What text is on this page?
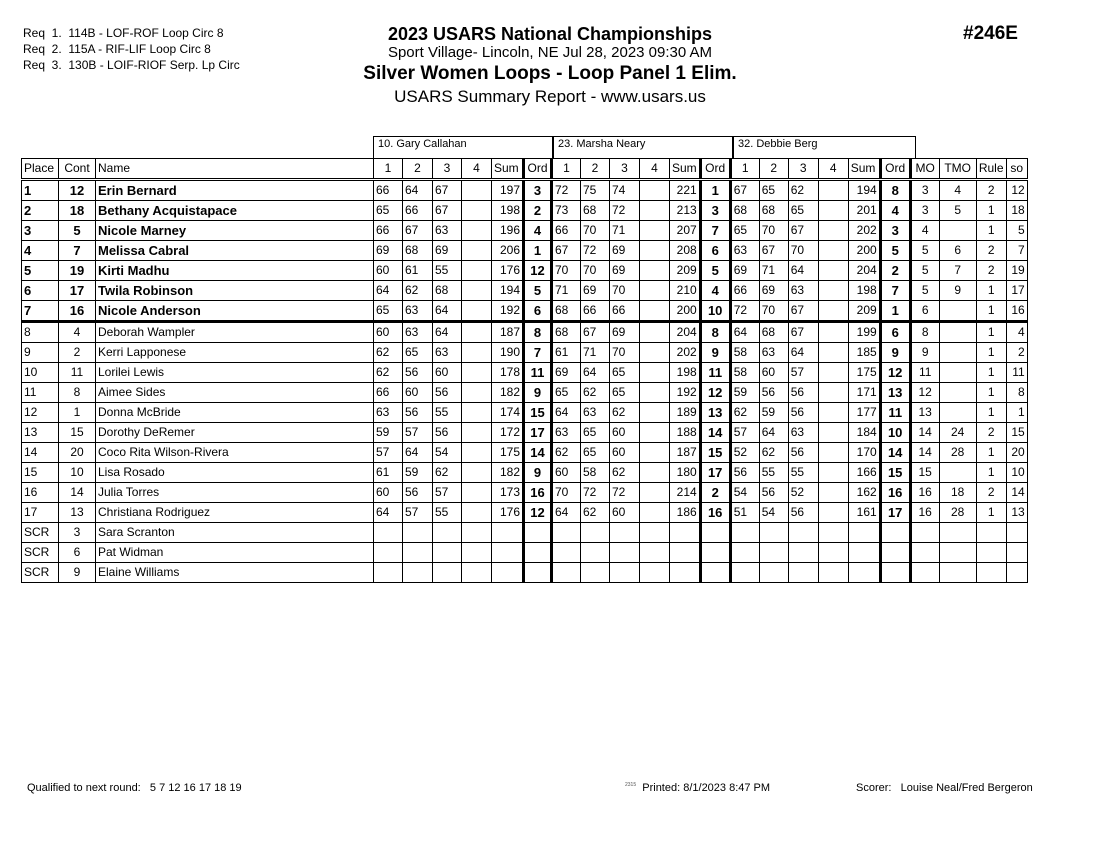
Req  1.  114B - LOF-ROF Loop Circ 8
Req  2.  115A - RIF-LIF Loop Circ 8
Req  3.  130B - LOIF-RIOF Serp. Lp Circ
2023 USARS National Championships
Sport Village- Lincoln, NE Jul 28, 2023 09:30 AM
Silver Women Loops - Loop Panel 1 Elim.
USARS Summary Report - www.usars.us
#246E
10. Gary Callahan	23. Marsha Neary	32. Debbie Berg
Place	Cont	Name	1	2	3	4	Sum	Ord	1	2	3	4	Sum	Ord	1	2	3	4	Sum	Ord	MO	TMO	Rule	so
1	12	Erin Bernard	66	64	67		197	3	72	75	74		221	1	67	65	62		194	8	3	4	2	12
2	18	Bethany Acquistapace	65	66	67		198	2	73	68	72		213	3	68	68	65		201	4	3	5	1	18
3	5	Nicole Marney	66	67	63		196	4	66	70	71		207	7	65	70	67		202	3	4		1	5
4	7	Melissa Cabral	69	68	69		206	1	67	72	69		208	6	63	67	70		200	5	5	6	2	7
5	19	Kirti Madhu	60	61	55		176	12	70	70	69		209	5	69	71	64		204	2	5	7	2	19
6	17	Twila Robinson	64	62	68		194	5	71	69	70		210	4	66	69	63		198	7	5	9	1	17
7	16	Nicole Anderson	65	63	64		192	6	68	66	66		200	10	72	70	67		209	1	6		1	16
8	4	Deborah Wampler	60	63	64		187	8	68	67	69		204	8	64	68	67		199	6	8		1	4
9	2	Kerri Lapponese	62	65	63		190	7	61	71	70		202	9	58	63	64		185	9	9		1	2
10	11	Lorilei Lewis	62	56	60		178	11	69	64	65		198	11	58	60	57		175	12	11		1	11
11	8	Aimee Sides	66	60	56		182	9	65	62	65		192	12	59	56	56		171	13	12		1	8
12	1	Donna McBride	63	56	55		174	15	64	63	62		189	13	62	59	56		177	11	13		1	1
13	15	Dorothy DeRemer	59	57	56		172	17	63	65	60		188	14	57	64	63		184	10	14	24	2	15
14	20	Coco Rita Wilson-Rivera	57	64	54		175	14	62	65	60		187	15	52	62	56		170	14	14	28	1	20
15	10	Lisa Rosado	61	59	62		182	9	60	58	62		180	17	56	55	55		166	15	15		1	10
16	14	Julia Torres	60	56	57		173	16	70	72	72		214	2	54	56	52		162	16	16	18	2	14
17	13	Christiana Rodriguez	64	57	55		176	12	64	62	60		186	16	51	54	56		161	17	16	28	1	13
SCR	3	Sara Scranton																						
SCR	6	Pat Widman																						
SCR	9	Elaine Williams																						
Qualified to next round: 5 7 12 16 17 18 19	$^{2315}$ Printed: 8/1/2023 8:47 PM	Scorer: Louise Neal/Fred Bergeron
